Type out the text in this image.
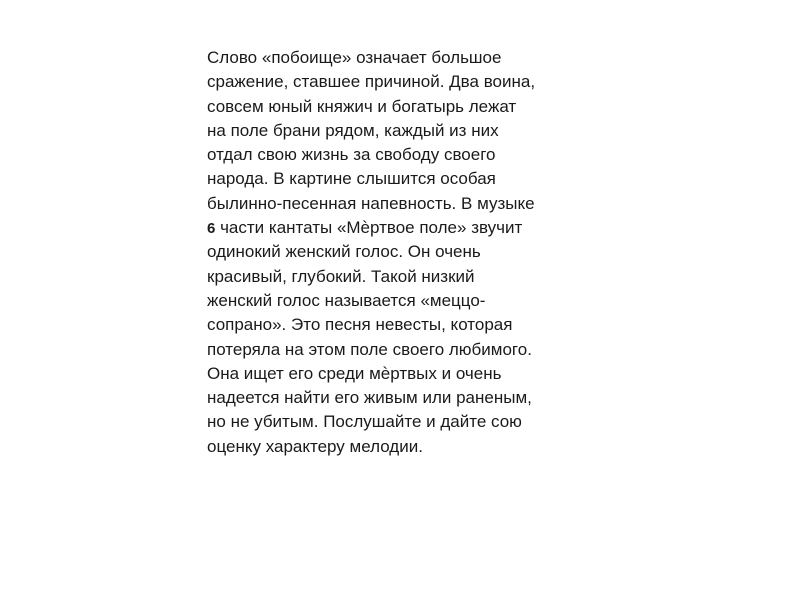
Слово «побоище» означает большое
сражение, ставшее причиной. Два воина,
совсем юный княжич и богатырь лежат
на поле брани рядом, каждый из них
отдал свою жизнь за свободу своего
народа. В картине слышится особая
былинно-песенная напевность. В музыке
6 части кантаты «Мѐртвое поле» звучит
одинокий женский голос. Он очень
красивый, глубокий. Такой низкий
женский голос называется «меццо-
сопрано». Это песня невесты, которая
потеряла на этом поле своего любимого.
Она ищет его среди мѐртвых и очень
надеется найти его живым или раненым,
но не убитым. Послушайте и дайте сою
оценку характеру мелодии.
